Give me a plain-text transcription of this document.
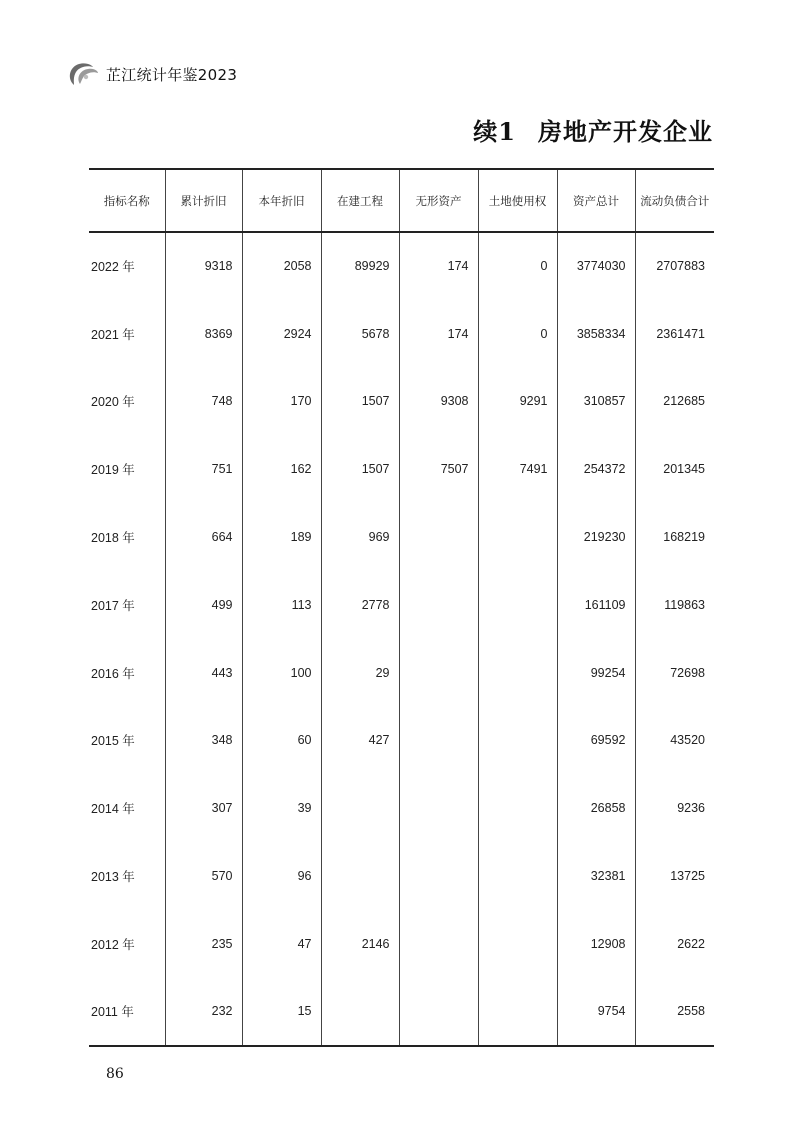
芷江统计年鉴2023
续1 房地产开发企业
指标名称	累计折旧	本年折旧	在建工程	无形资产	土地使用权	资产总计	流动负债合计
2022 年	9318	2058	89929	174	0	3774030	2707883
2021 年	8369	2924	5678	174	0	3858334	2361471
2020 年	748	170	1507	9308	9291	310857	212685
2019 年	751	162	1507	7507	7491	254372	201345
2018 年	664	189	969			219230	168219
2017 年	499	113	2778			161109	119863
2016 年	443	100	29			99254	72698
2015 年	348	60	427			69592	43520
2014 年	307	39				26858	9236
2013 年	570	96				32381	13725
2012 年	235	47	2146			12908	2622
2011 年	232	15				9754	2558
86
